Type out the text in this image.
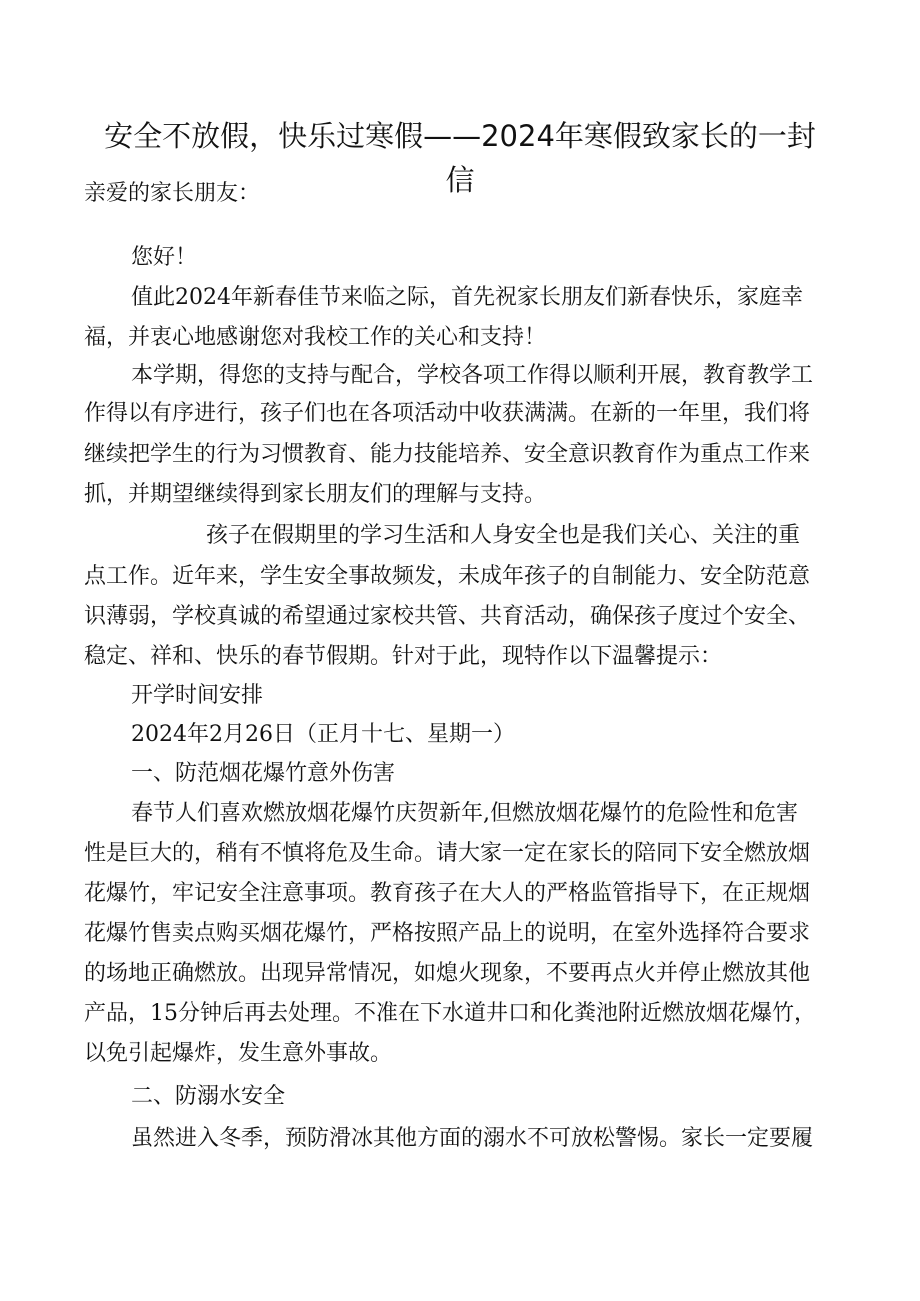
安全不放假，快乐过寒假——2024年寒假致家长的一封
信
亲爱的家长朋友：
您好！
值此2024年新春佳节来临之际，首先祝家长朋友们新春快乐，家庭幸
福，并衷心地感谢您对我校工作的关心和支持！
本学期，得您的支持与配合，学校各项工作得以顺利开展，教育教学工
作得以有序进行，孩子们也在各项活动中收获满满。在新的一年里，我们将
继续把学生的行为习惯教育、能力技能培养、安全意识教育作为重点工作来
抓，并期望继续得到家长朋友们的理解与支持。
孩子在假期里的学习生活和人身安全也是我们关心、关注的重
点工作。近年来，学生安全事故频发，未成年孩子的自制能力、安全防范意
识薄弱，学校真诚的希望通过家校共管、共育活动，确保孩子度过个安全、
稳定、祥和、快乐的春节假期。针对于此，现特作以下温馨提示：
开学时间安排
2024年2月26日（正月十七、星期一）
一、防范烟花爆竹意外伤害
春节人们喜欢燃放烟花爆竹庆贺新年,但燃放烟花爆竹的危险性和危害
性是巨大的，稍有不慎将危及生命。请大家一定在家长的陪同下安全燃放烟
花爆竹，牢记安全注意事项。教育孩子在大人的严格监管指导下，在正规烟
花爆竹售卖点购买烟花爆竹，严格按照产品上的说明，在室外选择符合要求
的场地正确燃放。出现异常情况，如熄火现象，不要再点火并停止燃放其他
产品，15分钟后再去处理。不准在下水道井口和化粪池附近燃放烟花爆竹，
以免引起爆炸，发生意外事故。
二、防溺水安全
虽然进入冬季，预防滑冰其他方面的溺水不可放松警惕。家长一定要履
